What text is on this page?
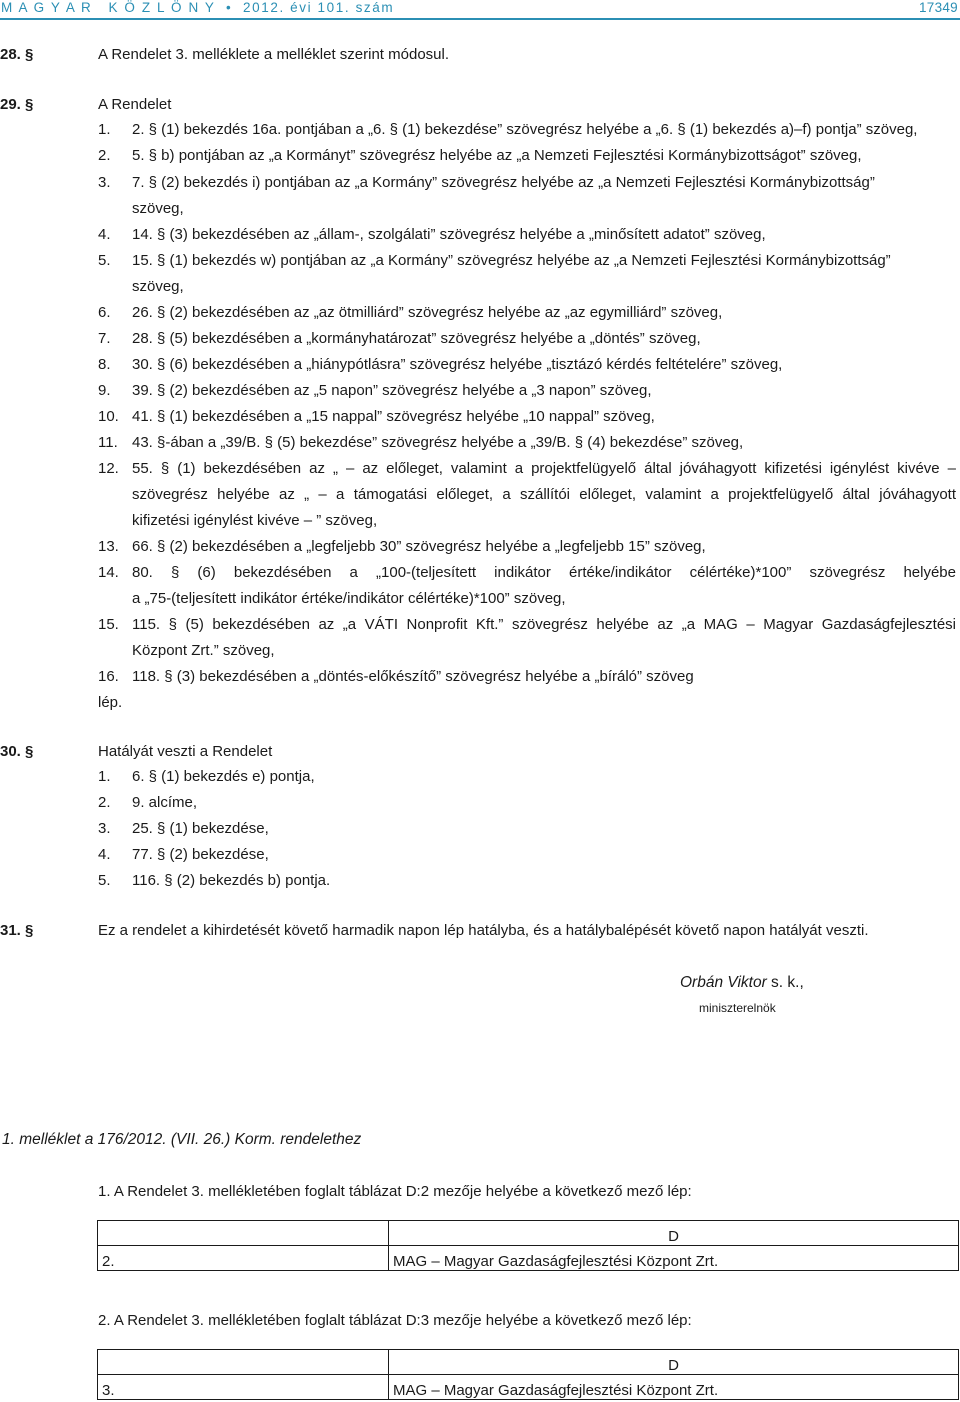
M A G Y A R   K Ö Z L Ö N Y  •  2012. évi 101. szám	17349
28. §	A Rendelet 3. melléklete a melléklet szerint módosul.
29. §	A Rendelet
1. 2. § (1) bekezdés 16a. pontjában a „6. § (1) bekezdése” szövegrész helyébe a „6. § (1) bekezdés a)–f) pontja” szöveg,
2. 5. § b) pontjában az „a Kormányt” szövegrész helyébe az „a Nemzeti Fejlesztési Kormánybizottságot” szöveg,
3. 7. § (2) bekezdés i) pontjában az „a Kormány” szövegrész helyébe az „a Nemzeti Fejlesztési Kormánybizottság”
szöveg,
4. 14. § (3) bekezdésében az „állam-, szolgálati” szövegrész helyébe a „minősített adatot” szöveg,
5. 15. § (1) bekezdés w) pontjában az „a Kormány” szövegrész helyébe az „a Nemzeti Fejlesztési Kormánybizottság”
szöveg,
6. 26. § (2) bekezdésében az „az ötmilliárd” szövegrész helyébe az „az egymilliárd” szöveg,
7. 28. § (5) bekezdésében a „kormányhatározat” szövegrész helyébe a „döntés” szöveg,
8. 30. § (6) bekezdésében a „hiánypótlásra” szövegrész helyébe „tisztázó kérdés feltételére” szöveg,
9. 39. § (2) bekezdésében az „5 napon” szövegrész helyébe a „3 napon” szöveg,
10. 41. § (1) bekezdésében a „15 nappal” szövegrész helyébe „10 nappal” szöveg,
11. 43. §-ában a „39/B. § (5) bekezdése” szövegrész helyébe a „39/B. § (4) bekezdése” szöveg,
12. 55. § (1) bekezdésében az „ – az előleget, valamint a projektfelügyelő által jóváhagyott kifizetési igénylést kivéve –
szövegrész helyébe az „ – a támogatási előleget, a szállítói előleget, valamint a projektfelügyelő által jóváhagyott
kifizetési igénylést kivéve – ” szöveg,
13. 66. § (2) bekezdésében a „legfeljebb 30” szövegrész helyébe a „legfeljebb 15” szöveg,
14. 80. § (6) bekezdésében a „100-(teljesített indikátor értéke/indikátor célértéke)*100” szövegrész helyébe
a „75-(teljesített indikátor értéke/indikátor célértéke)*100” szöveg,
15. 115. § (5) bekezdésében az „a VÁTI Nonprofit Kft.” szövegrész helyébe az „a MAG – Magyar Gazdaságfejlesztési
Központ Zrt.” szöveg,
16. 118. § (3) bekezdésében a „döntés-előkészítő” szövegrész helyébe a „bíráló” szöveg
lép.
30. §	Hatályát veszti a Rendelet
1. 6. § (1) bekezdés e) pontja,
2. 9. alcíme,
3. 25. § (1) bekezdése,
4. 77. § (2) bekezdése,
5. 116. § (2) bekezdés b) pontja.
31. §	Ez a rendelet a kihirdetését követő harmadik napon lép hatályba, és a hatálybalépését követő napon hatályát veszti.
Orbán Viktor s. k.,
miniszterelnök
1. melléklet a 176/2012. (VII. 26.) Korm. rendelethez
1. A Rendelet 3. mellékletében foglalt táblázat D:2 mezője helyébe a következő mező lép:
	D
2.	MAG – Magyar Gazdaságfejlesztési Központ Zrt.
2. A Rendelet 3. mellékletében foglalt táblázat D:3 mezője helyébe a következő mező lép:
	D
3.	MAG – Magyar Gazdaságfejlesztési Központ Zrt.
